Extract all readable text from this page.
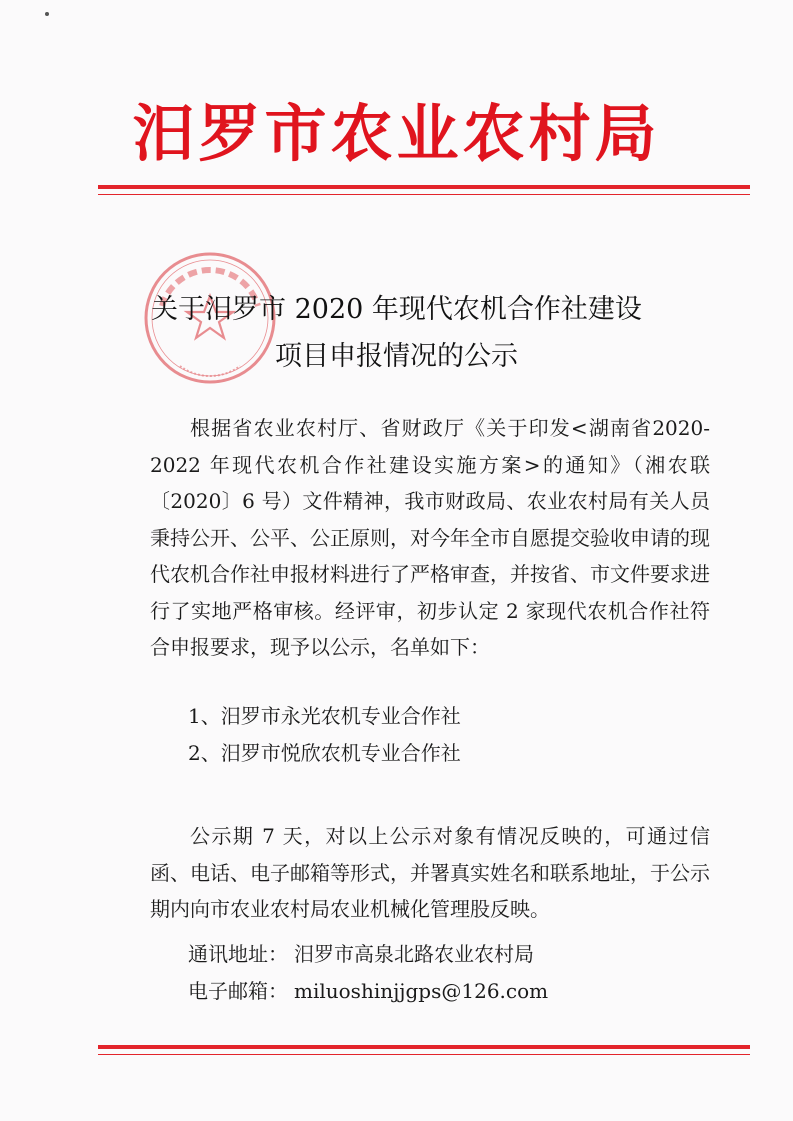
汨罗市农业农村局
关于汨罗市 2020 年现代农机合作社建设
项目申报情况的公示

根据省农业农村厅、省财政厅《关于印发<湖南省2020-2022 年现代农机合作社建设实施方案>的通知》（湘农联〔2020〕6 号）文件精神，我市财政局、农业农村局有关人员秉持公开、公平、公正原则，对今年全市自愿提交验收申请的现代农机合作社申报材料进行了严格审查，并按省、市文件要求进行了实地严格审核。经评审，初步认定 2 家现代农机合作社符合申报要求，现予以公示，名单如下：

1、汨罗市永光农机专业合作社
2、汨罗市悦欣农机专业合作社

公示期 7 天，对以上公示对象有情况反映的，可通过信函、电话、电子邮箱等形式，并署真实姓名和联系地址，于公示期内向市农业农村局农业机械化管理股反映。

通讯地址： 汨罗市高泉北路农业农村局
电子邮箱： miluoshinjjgps@126.com
